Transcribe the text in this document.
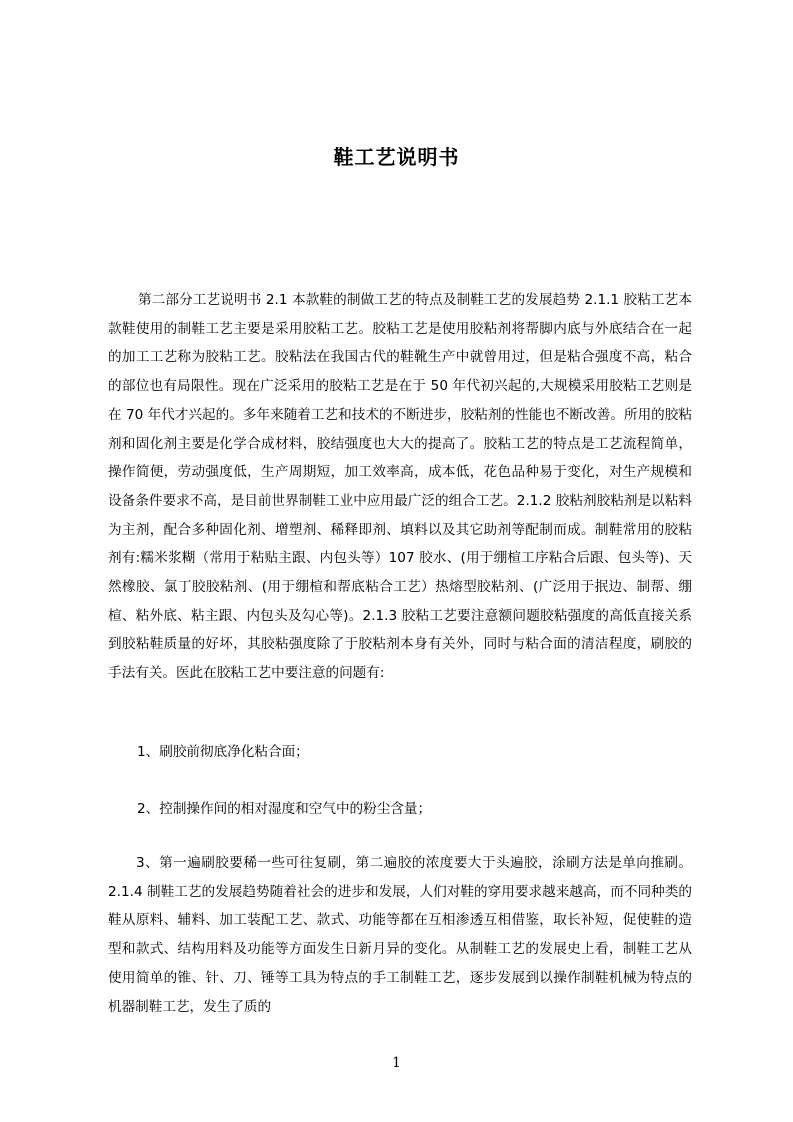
鞋工艺说明书
第二部分工艺说明书 2.1 本款鞋的制做工艺的特点及制鞋工艺的发展趋势 2.1.1 胶粘工艺本款鞋使用的制鞋工艺主要是采用胶粘工艺。胶粘工艺是使用胶粘剂将帮脚内底与外底结合在一起的加工工艺称为胶粘工艺。胶粘法在我国古代的鞋靴生产中就曾用过，但是粘合强度不高，粘合的部位也有局限性。现在广泛采用的胶粘工艺是在于 50 年代初兴起的,大规模采用胶粘工艺则是在 70 年代才兴起的。多年来随着工艺和技术的不断进步，胶粘剂的性能也不断改善。所用的胶粘剂和固化剂主要是化学合成材料，胶结强度也大大的提高了。胶粘工艺的特点是工艺流程简单，操作简便，劳动强度低，生产周期短，加工效率高，成本低，花色品种易于变化，对生产规模和设备条件要求不高，是目前世界制鞋工业中应用最广泛的组合工艺。2.1.2 胶粘剂胶粘剂是以粘料为主剂，配合多种固化剂、增塑剂、稀释即剂、填料以及其它助剂等配制而成。制鞋常用的胶粘剂有:糯米浆糊（常用于粘贴主跟、内包头等）107 胶水、(用于绷楦工序粘合后跟、包头等)、天然橡胶、氯丁胶胶粘剂、(用于绷楦和帮底粘合工艺）热熔型胶粘剂、(广泛用于抿边、制帮、绷楦、粘外底、粘主跟、内包头及勾心等)。2.1.3 胶粘工艺要注意额问题胶粘强度的高低直接关系到胶粘鞋质量的好坏，其胶粘强度除了于胶粘剂本身有关外，同时与粘合面的清洁程度，刷胶的手法有关。医此在胶粘工艺中要注意的问题有:
1、刷胶前彻底净化粘合面；
2、控制操作间的相对湿度和空气中的粉尘含量；
3、第一遍刷胶要稀一些可往复刷，第二遍胶的浓度要大于头遍胶，涂刷方法是单向推刷。2.1.4 制鞋工艺的发展趋势随着社会的进步和发展，人们对鞋的穿用要求越来越高，而不同种类的鞋从原料、辅料、加工装配工艺、款式、功能等都在互相渗透互相借鉴，取长补短，促使鞋的造型和款式、结构用料及功能等方面发生日新月异的变化。从制鞋工艺的发展史上看，制鞋工艺从使用简单的锥、针、刀、锤等工具为特点的手工制鞋工艺，逐步发展到以操作制鞋机械为特点的机器制鞋工艺，发生了质的
1
